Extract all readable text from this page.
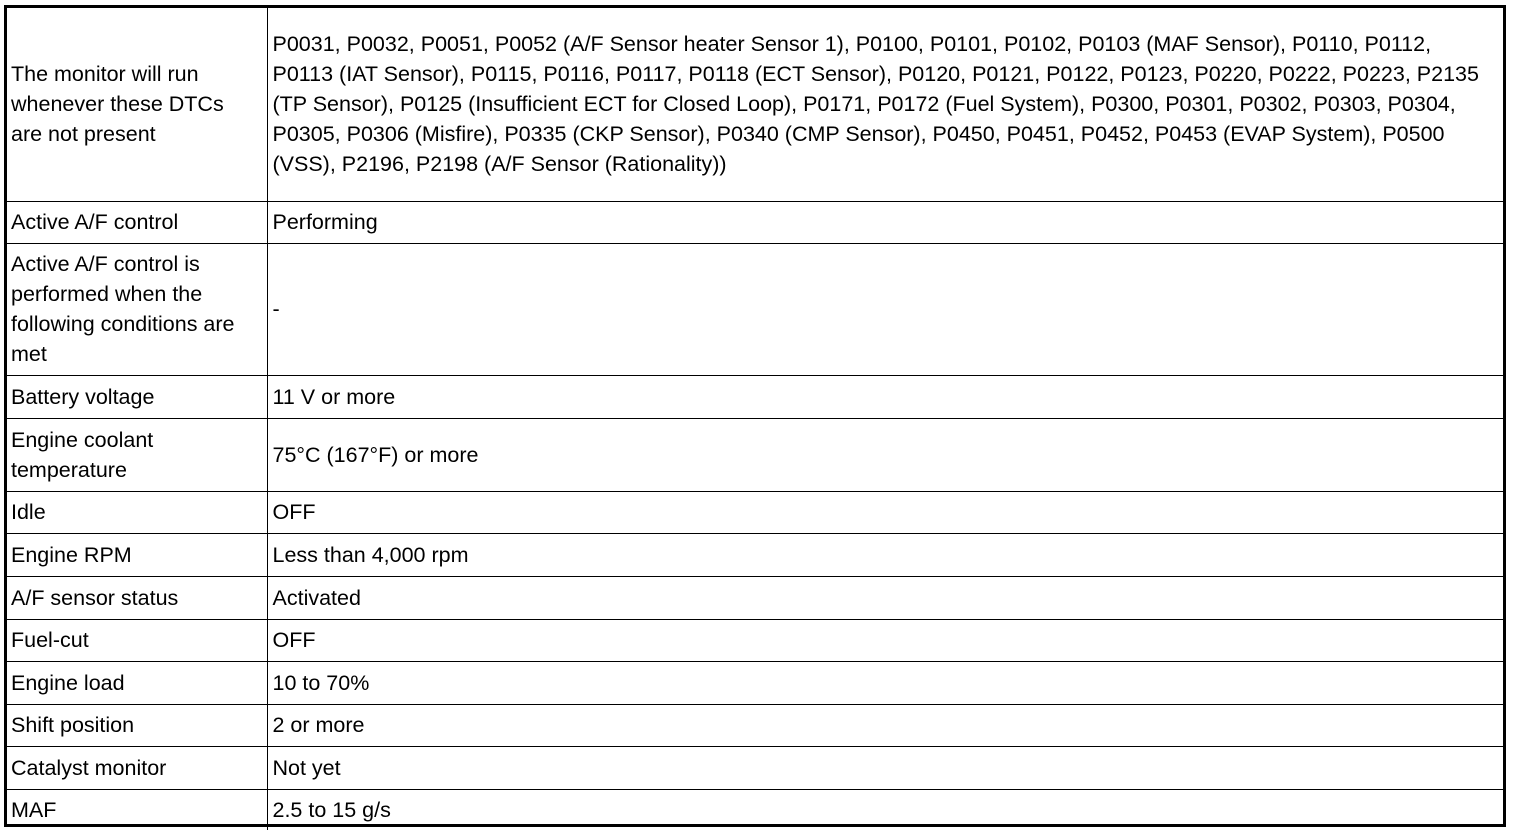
The monitor will run whenever these DTCs are not present	P0031, P0032, P0051, P0052 (A/F Sensor heater Sensor 1), P0100, P0101, P0102, P0103 (MAF Sensor), P0110, P0112, P0113 (IAT Sensor), P0115, P0116, P0117, P0118 (ECT Sensor), P0120, P0121, P0122, P0123, P0220, P0222, P0223, P2135 (TP Sensor), P0125 (Insufficient ECT for Closed Loop), P0171, P0172 (Fuel System), P0300, P0301, P0302, P0303, P0304, P0305, P0306 (Misfire), P0335 (CKP Sensor), P0340 (CMP Sensor), P0450, P0451, P0452, P0453 (EVAP System), P0500 (VSS), P2196, P2198 (A/F Sensor (Rationality))
Active A/F control	Performing
Active A/F control is performed when the following conditions are met	-
Battery voltage	11 V or more
Engine coolant temperature	75°C (167°F) or more
Idle	OFF
Engine RPM	Less than 4,000 rpm
A/F sensor status	Activated
Fuel-cut	OFF
Engine load	10 to 70%
Shift position	2 or more
Catalyst monitor	Not yet
MAF	2.5 to 15 g/s
